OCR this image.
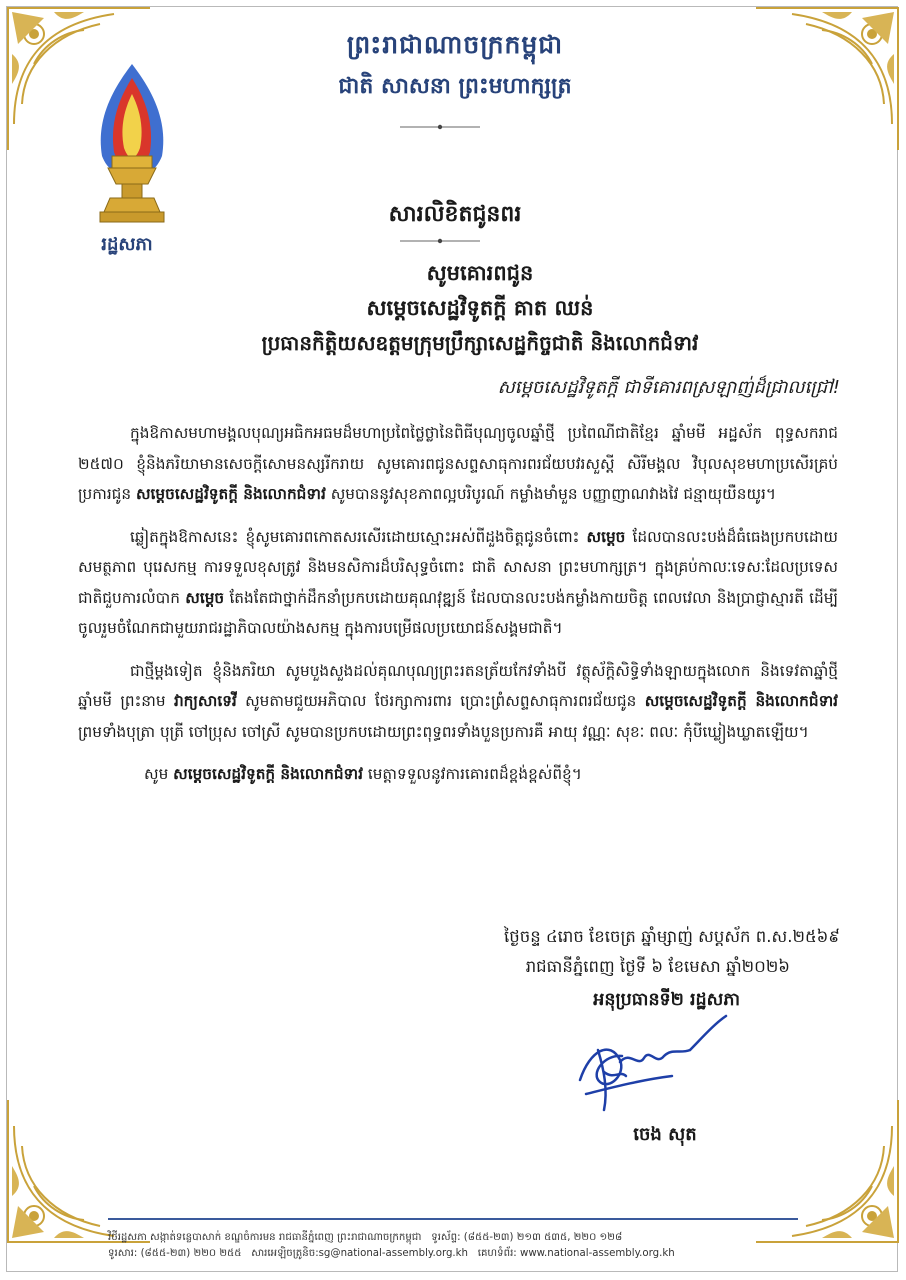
ព្រះរាជាណាចក្រកម្ពុជា
ជាតិ សាសនា ព្រះមហាក្សត្រ
រដ្ឋសភា
សារលិខិតជូនពរ
សូមគោរពជូន
សម្តេចសេដ្ឋវិទូតក្តី គាត ឈន់
ប្រធានកិត្តិយសឧត្តមក្រុមប្រឹក្សាសេដ្ឋកិច្ចជាតិ និងលោកជំទាវ
សម្តេចសេដ្ឋវិទូតក្តី ជាទីគោរពស្រឡាញ់ដ៏ជ្រាលជ្រៅ!

ក្នុងឱកាសមហាមង្គលបុណ្យអធិកអធមដ៏មហាប្រពៃថ្លៃថ្លានៃពិធីបុណ្យចូលឆ្នាំថ្មី ប្រពៃណីជាតិខ្មែរ ឆ្នាំមមី អដ្ឋស័ក ពុទ្ធសករាជ ២៥៧០ ខ្ញុំនិងភរិយាមានសេចក្តីសោមនស្សរីករាយ សូមគោរពជូនសព្ទសាធុការពរជ័យបវរសួស្តី សិរីមង្គល វិបុលសុខមហាប្រសើរគ្រប់ប្រការជូន សម្តេចសេដ្ឋវិទូតក្តី និងលោកជំទាវ សូមបាននូវសុខភាពល្អបរិបូរណ៍ កម្លាំងមាំមួន បញ្ញាញាណវាងវៃ ជន្មាយុយឺនយូរ។

ឆ្លៀតក្នុងឱកាសនេះ ខ្ញុំសូមគោរពកោតសរសើរដោយស្មោះអស់ពីដួងចិត្តជូនចំពោះ សម្តេច ដែលបានលះបង់ដ៏ធំធេងប្រកបដោយសមត្ថភាព បុរេសកម្ម ការទទួលខុសត្រូវ និងមនសិការដ៏បរិសុទ្ធចំពោះ ជាតិ សាសនា ព្រះមហាក្សត្រ។ ក្នុងគ្រប់កាលៈទេសៈដែលប្រទេសជាតិជួបការលំបាក សម្តេច តែងតែជាថ្នាក់ដឹកនាំប្រកបដោយគុណវុឌ្ឍន៍ ដែលបានលះបង់កម្លាំងកាយចិត្ត ពេលវេលា និងប្រាជ្ញាស្មារតី ដើម្បីចូលរួមចំណែកជាមួយរាជរដ្ឋាភិបាលយ៉ាងសកម្ម ក្នុងការបម្រើផលប្រយោជន៍សង្គមជាតិ។

ជាថ្មីម្តងទៀត ខ្ញុំនិងភរិយា សូមបួងសួងដល់គុណបុណ្យព្រះរតនត្រ័យកែវទាំងបី វត្ថុស័ក្តិសិទ្ធិទាំងឡាយក្នុងលោក និងទេវតាឆ្នាំថ្មី ឆ្នាំមមី ព្រះនាម វាក្យសាទេវី សូមតាមជួយអភិបាល ថែរក្សាការពារ ប្រោះព្រំសព្ទសាធុការពរជ័យជូន សម្តេចសេដ្ឋវិទូតក្តី និងលោកជំទាវ ព្រមទាំងបុត្រា បុត្រី ចៅប្រុស ចៅស្រី សូមបានប្រកបដោយព្រះពុទ្ធពរទាំងបួនប្រការគឺ អាយុ វណ្ណៈ សុខៈ ពលៈ កុំបីឃ្លៀងឃ្លាតឡើយ។

សូម សម្តេចសេដ្ឋវិទូតក្តី និងលោកជំទាវ មេត្តាទទួលនូវការគោរពដ៏ខ្ពង់ខ្ពស់ពីខ្ញុំ។

ថ្ងៃចន្ទ ៤រោច ខែចេត្រ ឆ្នាំម្សាញ់ សប្តស័ក ព.ស.២៥៦៩
រាជធានីភ្នំពេញ ថ្ងៃទី ៦ ខែមេសា ឆ្នាំ២០២៦
អនុប្រធានទី២ រដ្ឋសភា
ចេង សុត
វិថីរដ្ឋសភា សង្កាត់ទន្លេបាសាក់ ខណ្ឌចំការមន រាជធានីភ្នំពេញ ព្រះរាជាណាចក្រកម្ពុជា ទូរស័ព្ទ: (៨៥៥-២៣) ២១៣ ៥៣៥, ២២០ ១២៨
ទូរសារ: (៨៥៥-២៣) ២២០ ២៥៥ សារអេឡិចត្រូនិច:sg@national-assembly.org.kh គេហទំព័រ: www.national-assembly.org.kh
